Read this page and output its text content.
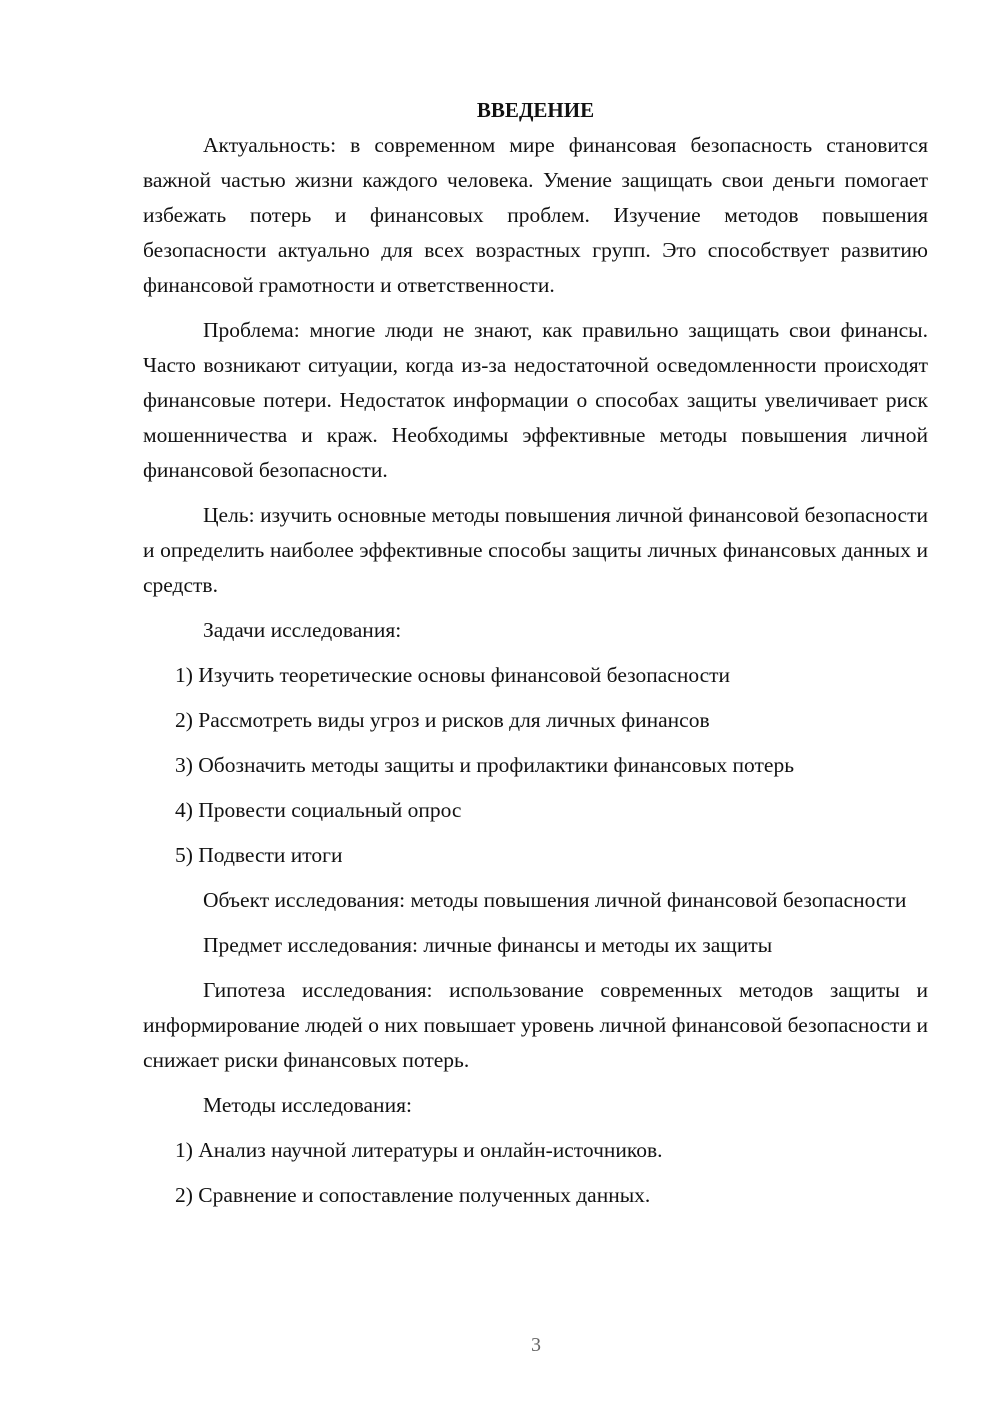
ВВЕДЕНИЕ
Актуальность: в современном мире финансовая безопасность становится важной частью жизни каждого человека. Умение защищать свои деньги помогает избежать потерь и финансовых проблем. Изучение методов повышения безопасности актуально для всех возрастных групп. Это способствует развитию финансовой грамотности и ответственности.
Проблема: многие люди не знают, как правильно защищать свои финансы. Часто возникают ситуации, когда из-за недостаточной осведомленности происходят финансовые потери. Недостаток информации о способах защиты увеличивает риск мошенничества и краж. Необходимы эффективные методы повышения личной финансовой безопасности.
Цель: изучить основные методы повышения личной финансовой безопасности и определить наиболее эффективные способы защиты личных финансовых данных и средств.
Задачи исследования:
1) Изучить теоретические основы финансовой безопасности
2) Рассмотреть виды угроз и рисков для личных финансов
3) Обозначить методы защиты и профилактики финансовых потерь
4) Провести социальный опрос
5) Подвести итоги
Объект исследования: методы повышения личной финансовой безопасности
Предмет исследования: личные финансы и методы их защиты
Гипотеза исследования: использование современных методов защиты и информирование людей о них повышает уровень личной финансовой безопасности и снижает риски финансовых потерь.
Методы исследования:
1) Анализ научной литературы и онлайн-источников.
2) Сравнение и сопоставление полученных данных.
3
